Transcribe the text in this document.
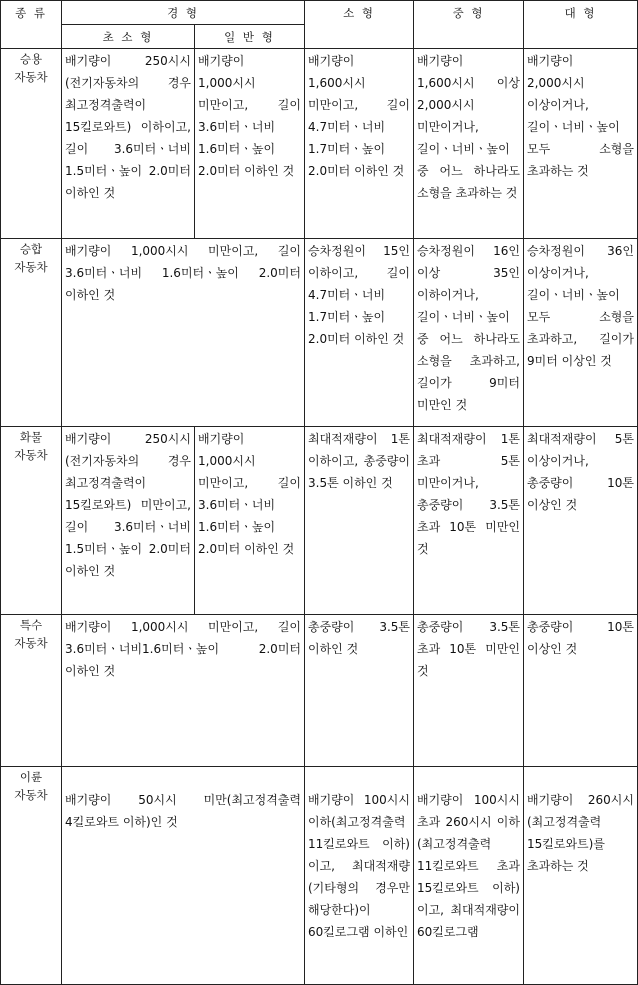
종 류	경 형		소 형	중 형	대 형
	초 소 형	일 반 형			

승용
자동차	배기량이 250시시(전기자동차의 경우 최고정격출력이 15킬로와트) 이하이고, 길이 3.6미터ㆍ너비 1.5미터ㆍ높이 2.0미터 이하인 것	배기량이 1,000시시 미만이고, 길이 3.6미터ㆍ너비 1.6미터ㆍ높이 2.0미터 이하인 것	배기량이 1,600시시 미만이고, 길이 4.7미터ㆍ너비 1.7미터ㆍ높이 2.0미터 이하인 것	배기량이 1,600시시 이상 2,000시시 미만이거나, 길이ㆍ너비ㆍ높이 중 어느 하나라도 소형을 초과하는 것	배기량이 2,000시시 이상이거나, 길이ㆍ너비ㆍ높이 모두 소형을 초과하는 것

승합
자동차	배기량이 1,000시시 미만이고, 길이 3.6미터ㆍ너비 1.6미터ㆍ높이 2.0미터 이하인 것		승차정원이 15인 이하이고, 길이 4.7미터ㆍ너비 1.7미터ㆍ높이 2.0미터 이하인 것	승차정원이 16인 이상 35인 이하이거나, 길이ㆍ너비ㆍ높이 중 어느 하나라도 소형을 초과하고, 길이가 9미터 미만인 것	승차정원이 36인 이상이거나, 길이ㆍ너비ㆍ높이 모두 소형을 초과하고, 길이가 9미터 이상인 것

화물
자동차	배기량이 250시시(전기자동차의 경우 최고정격출력이 15킬로와트) 미만이고, 길이 3.6미터ㆍ너비 1.5미터ㆍ높이 2.0미터 이하인 것	배기량이 1,000시시 미만이고, 길이 3.6미터ㆍ너비 1.6미터ㆍ높이 2.0미터 이하인 것	최대적재량이 1톤 이하이고, 총중량이 3.5톤 이하인 것	최대적재량이 1톤 초과 5톤 미만이거나, 총중량이 3.5톤 초과 10톤 미만인 것	최대적재량이 5톤 이상이거나, 총중량이 10톤 이상인 것

특수
자동차	배기량이 1,000시시 미만이고, 길이 3.6미터ㆍ너비1.6미터ㆍ높이 2.0미터 이하인 것		총중량이 3.5톤 이하인 것	총중량이 3.5톤 초과 10톤 미만인 것	총중량이 10톤 이상인 것

이륜
자동차	배기량이 50시시 미만(최고정격출력 4킬로와트 이하)인 것		배기량이 100시시 이하(최고정격출력 11킬로와트 이하)이고, 최대적재량(기타형의 경우만 해당한다)이 60킬로그램 이하인	배기량이 100시시 초과 260시시 이하(최고정격출력 11킬로와트 초과 15킬로와트 이하)이고, 최대적재량이 60킬로그램	배기량이 260시시(최고정격출력 15킬로와트)를 초과하는 것
